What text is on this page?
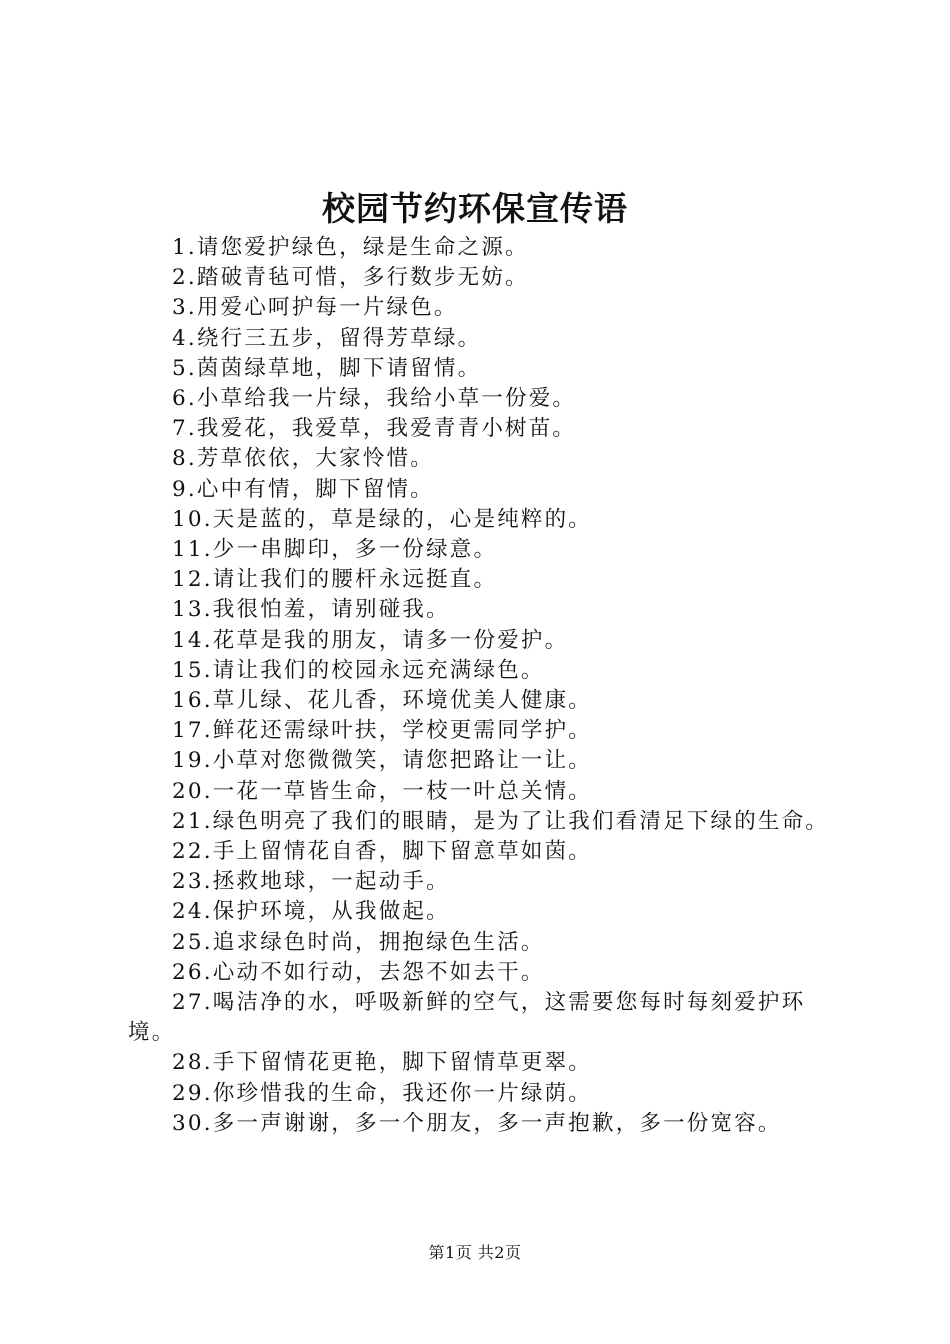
校园节约环保宣传语

1.请您爱护绿色，绿是生命之源。

2.踏破青毡可惜，多行数步无妨。

3.用爱心呵护每一片绿色。

4.绕行三五步，留得芳草绿。

5.茵茵绿草地，脚下请留情。

6.小草给我一片绿，我给小草一份爱。

7.我爱花，我爱草，我爱青青小树苗。

8.芳草依依，大家怜惜。

9.心中有情，脚下留情。

10.天是蓝的，草是绿的，心是纯粹的。

11.少一串脚印，多一份绿意。

12.请让我们的腰杆永远挺直。

13.我很怕羞，请别碰我。

14.花草是我的朋友，请多一份爱护。

15.请让我们的校园永远充满绿色。

16.草儿绿、花儿香，环境优美人健康。

17.鲜花还需绿叶扶，学校更需同学护。

19.小草对您微微笑，请您把路让一让。

20.一花一草皆生命，一枝一叶总关情。

21.绿色明亮了我们的眼睛，是为了让我们看清足下绿的生命。

22.手上留情花自香，脚下留意草如茵。

23.拯救地球，一起动手。

24.保护环境，从我做起。

25.追求绿色时尚，拥抱绿色生活。

26.心动不如行动，去怨不如去干。

27.喝洁净的水，呼吸新鲜的空气，这需要您每时每刻爱护环境。

28.手下留情花更艳，脚下留情草更翠。

29.你珍惜我的生命，我还你一片绿荫。

30.多一声谢谢，多一个朋友，多一声抱歉，多一份宽容。

第1页 共2页
